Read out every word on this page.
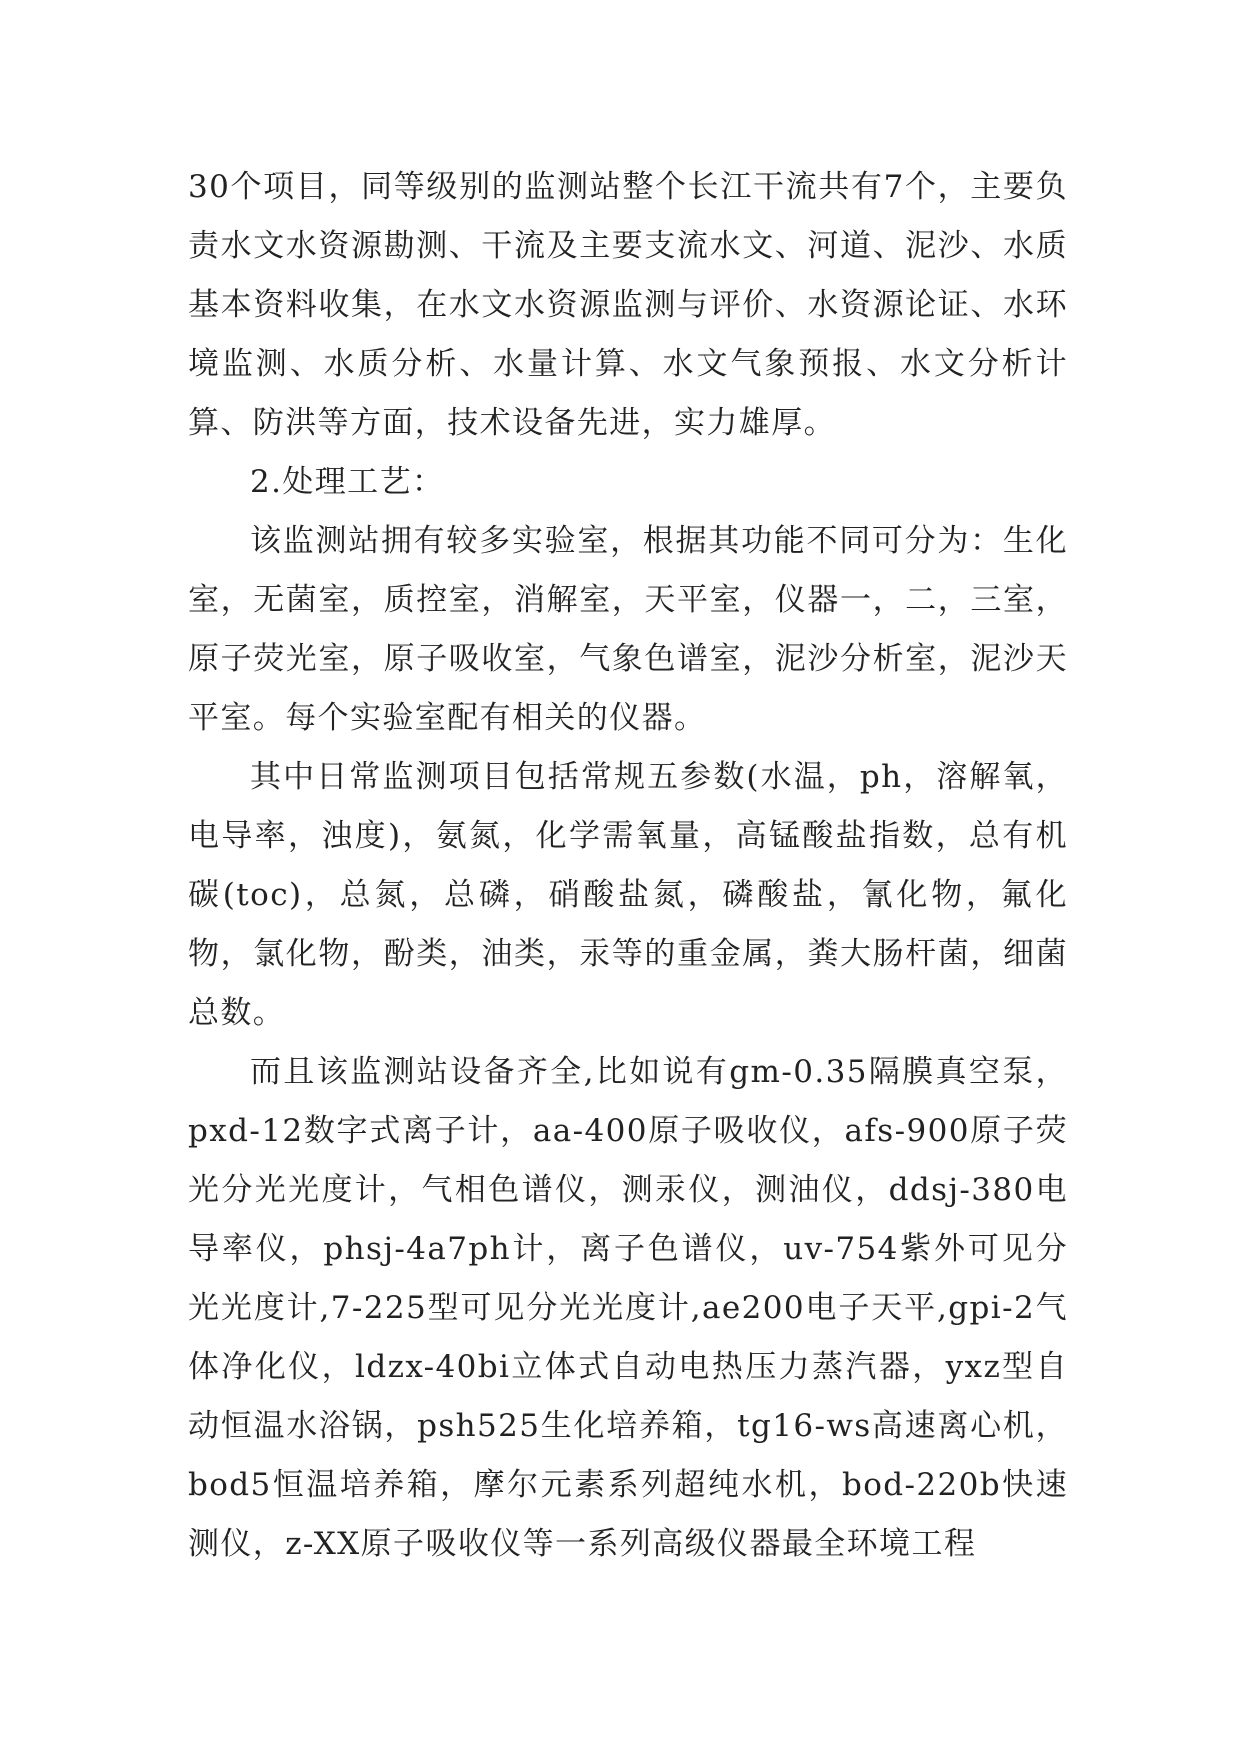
30个项目，同等级别的监测站整个长江干流共有7个，主要负责水文水资源勘测、干流及主要支流水文、河道、泥沙、水质基本资料收集，在水文水资源监测与评价、水资源论证、水环境监测、水质分析、水量计算、水文气象预报、水文分析计算、防洪等方面，技术设备先进，实力雄厚。

2.处理工艺：

该监测站拥有较多实验室，根据其功能不同可分为：生化室，无菌室，质控室，消解室，天平室，仪器一，二，三室，原子荧光室，原子吸收室，气象色谱室，泥沙分析室，泥沙天平室。每个实验室配有相关的仪器。

其中日常监测项目包括常规五参数(水温，ph，溶解氧，电导率，浊度)，氨氮，化学需氧量，高锰酸盐指数，总有机碳(toc)，总氮，总磷，硝酸盐氮，磷酸盐，氰化物，氟化物，氯化物，酚类，油类，汞等的重金属，粪大肠杆菌，细菌总数。

而且该监测站设备齐全,比如说有gm-0.35隔膜真空泵，pxd-12数字式离子计，aa-400原子吸收仪，afs-900原子荧光分光光度计，气相色谱仪，测汞仪，测油仪，ddsj-380电导率仪，phsj-4a7ph计，离子色谱仪，uv-754紫外可见分光光度计,7-225型可见分光光度计,ae200电子天平,gpi-2气体净化仪，ldzx-40bi立体式自动电热压力蒸汽器，yxz型自动恒温水浴锅，psh525生化培养箱，tg16-ws高速离心机，bod5恒温培养箱，摩尔元素系列超纯水机，bod-220b快速测仪，z-XX原子吸收仪等一系列高级仪器最全环境工程
